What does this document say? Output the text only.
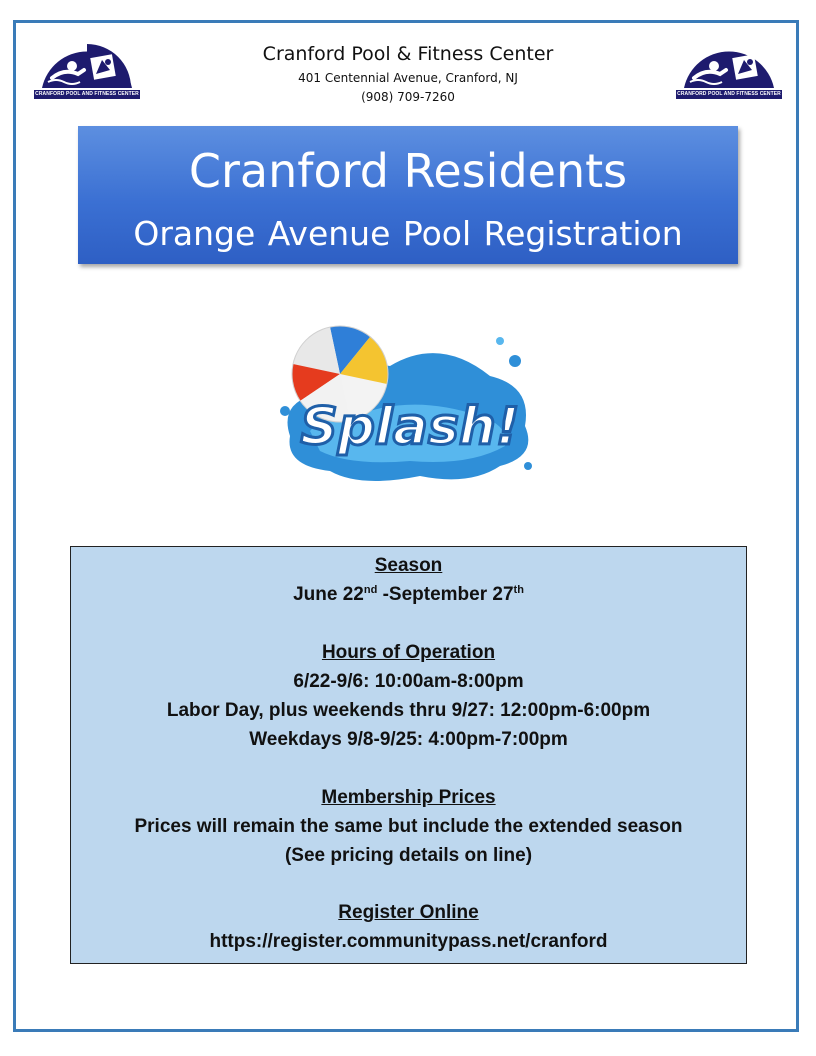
CRANFORD POOL AND FITNESS CENTER	CRANFORD POOL AND FITNESS CENTER
Cranford Pool & Fitness Center
401 Centennial Avenue, Cranford, NJ
(908) 709-7260
Cranford Residents
Orange Avenue Pool Registration
Splash!
Season
June 22nd -September 27th
Hours of Operation
6/22-9/6: 10:00am-8:00pm
Labor Day, plus weekends thru 9/27: 12:00pm-6:00pm
Weekdays 9/8-9/25: 4:00pm-7:00pm
Membership Prices
Prices will remain the same but include the extended season
(See pricing details on line)
Register Online
https://register.communitypass.net/cranford
